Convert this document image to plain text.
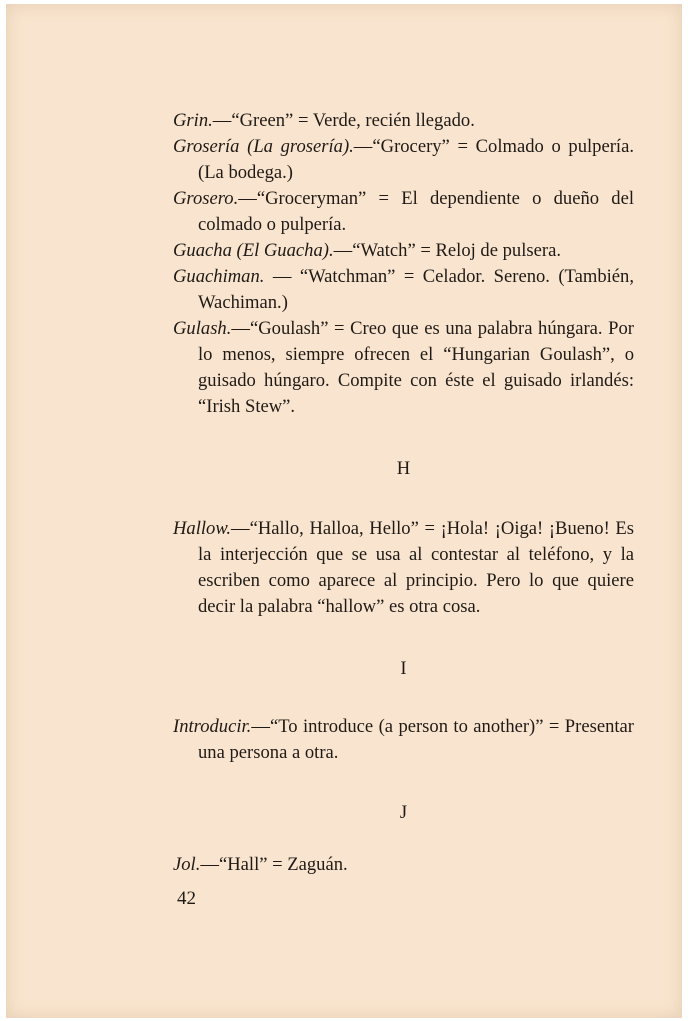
Grin.—“Green” = Verde, recién llegado.

Grosería (La grosería).—“Grocery” = Colmado o pulpería. (La bodega.)

Grosero.—“Groceryman” = El dependiente o dueño del colmado o pulpería.

Guacha (El Guacha).—“Watch” = Reloj de pulsera.

Guachiman. — “Watchman” = Celador. Sereno. (También, Wachiman.)

Gulash.—“Goulash” = Creo que es una palabra húngara. Por lo menos, siempre ofrecen el “Hungarian Goulash”, o guisado húngaro. Compite con éste el guisado irlandés: “Irish Stew”.

H

Hallow.—“Hallo, Halloa, Hello” = ¡Hola! ¡Oiga! ¡Bueno! Es la interjección que se usa al contestar al teléfono, y la escriben como aparece al principio. Pero lo que quiere decir la palabra “hallow” es otra cosa.

I

Introducir.—“To introduce (a person to another)” = Presentar una persona a otra.

J

Jol.—“Hall” = Zaguán.

42
